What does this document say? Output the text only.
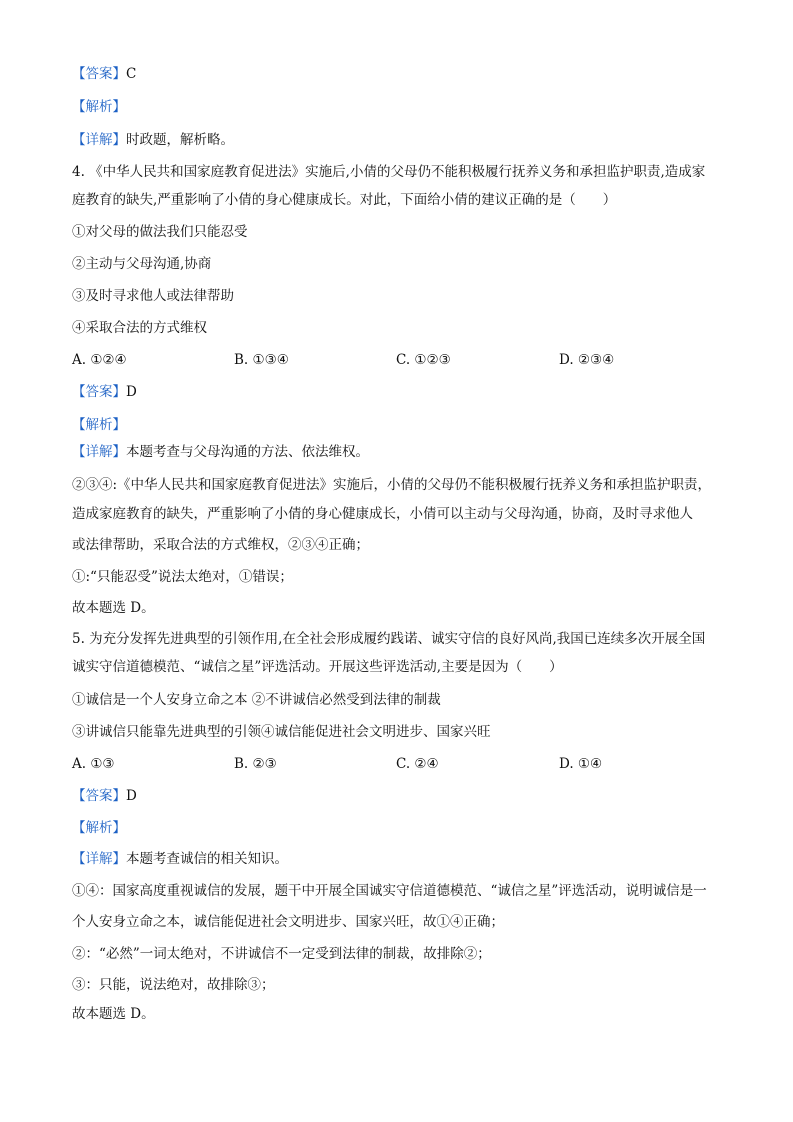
【答案】C
【解析】
【详解】时政题，解析略。
4. 《中华人民共和国家庭教育促进法》实施后,小倩的父母仍不能积极履行抚养义务和承担监护职责,造成家
庭教育的缺失,严重影响了小倩的身心健康成长。对此，下面给小倩的建议正确的是（　　）
①对父母的做法我们只能忍受
②主动与父母沟通,协商
③及时寻求他人或法律帮助
④采取合法的方式维权
A. ①②④	B. ①③④	C. ①②③	D. ②③④
【答案】D
【解析】
【详解】本题考查与父母沟通的方法、依法维权。
②③④:《中华人民共和国家庭教育促进法》实施后，小倩的父母仍不能积极履行抚养义务和承担监护职责，
造成家庭教育的缺失，严重影响了小倩的身心健康成长，小倩可以主动与父母沟通，协商，及时寻求他人
或法律帮助，采取合法的方式维权，②③④正确；
①:“只能忍受”说法太绝对，①错误；
故本题选 D。
5. 为充分发挥先进典型的引领作用,在全社会形成履约践诺、诚实守信的良好风尚,我国已连续多次开展全国
诚实守信道德模范、“诚信之星”评选活动。开展这些评选活动,主要是因为（　　）
①诚信是一个人安身立命之本 ②不讲诚信必然受到法律的制裁
③讲诚信只能靠先进典型的引领④诚信能促进社会文明进步、国家兴旺
A. ①③	B. ②③	C. ②④	D. ①④
【答案】D
【解析】
【详解】本题考查诚信的相关知识。
①④：国家高度重视诚信的发展，题干中开展全国诚实守信道德模范、“诚信之星”评选活动，说明诚信是一
个人安身立命之本，诚信能促进社会文明进步、国家兴旺，故①④正确；
②：“必然”一词太绝对，不讲诚信不一定受到法律的制裁，故排除②；
③：只能，说法绝对，故排除③；
故本题选 D。
